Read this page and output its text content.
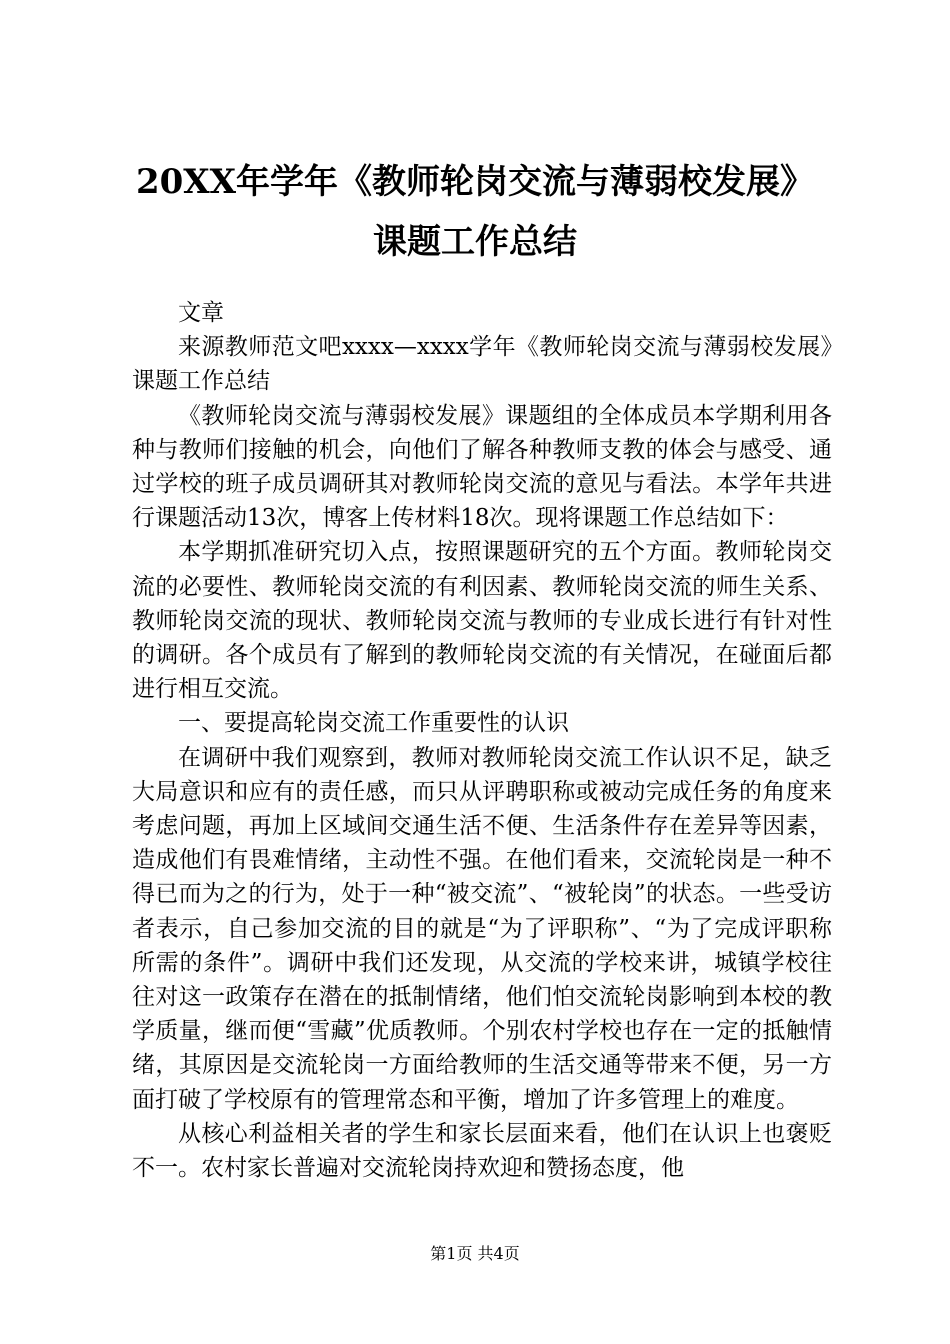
20XX年学年《教师轮岗交流与薄弱校发展》
课题工作总结

文章

来源教师范文吧xxxx—xxxx学年《教师轮岗交流与薄弱校发展》课题工作总结

《教师轮岗交流与薄弱校发展》课题组的全体成员本学期利用各种与教师们接触的机会，向他们了解各种教师支教的体会与感受、通过学校的班子成员调研其对教师轮岗交流的意见与看法。本学年共进行课题活动13次，博客上传材料18次。现将课题工作总结如下：

本学期抓准研究切入点，按照课题研究的五个方面。教师轮岗交流的必要性、教师轮岗交流的有利因素、教师轮岗交流的师生关系、教师轮岗交流的现状、教师轮岗交流与教师的专业成长进行有针对性的调研。各个成员有了解到的教师轮岗交流的有关情况，在碰面后都进行相互交流。

一、要提高轮岗交流工作重要性的认识

在调研中我们观察到，教师对教师轮岗交流工作认识不足，缺乏大局意识和应有的责任感，而只从评聘职称或被动完成任务的角度来考虑问题，再加上区域间交通生活不便、生活条件存在差异等因素，造成他们有畏难情绪，主动性不强。在他们看来，交流轮岗是一种不得已而为之的行为，处于一种“被交流”、“被轮岗”的状态。一些受访者表示，自己参加交流的目的就是“为了评职称”、“为了完成评职称所需的条件”。调研中我们还发现，从交流的学校来讲，城镇学校往往对这一政策存在潜在的抵制情绪，他们怕交流轮岗影响到本校的教学质量，继而便“雪藏”优质教师。个别农村学校也存在一定的抵触情绪，其原因是交流轮岗一方面给教师的生活交通等带来不便，另一方面打破了学校原有的管理常态和平衡，增加了许多管理上的难度。

从核心利益相关者的学生和家长层面来看，他们在认识上也褒贬不一。农村家长普遍对交流轮岗持欢迎和赞扬态度，他

第1页 共4页
